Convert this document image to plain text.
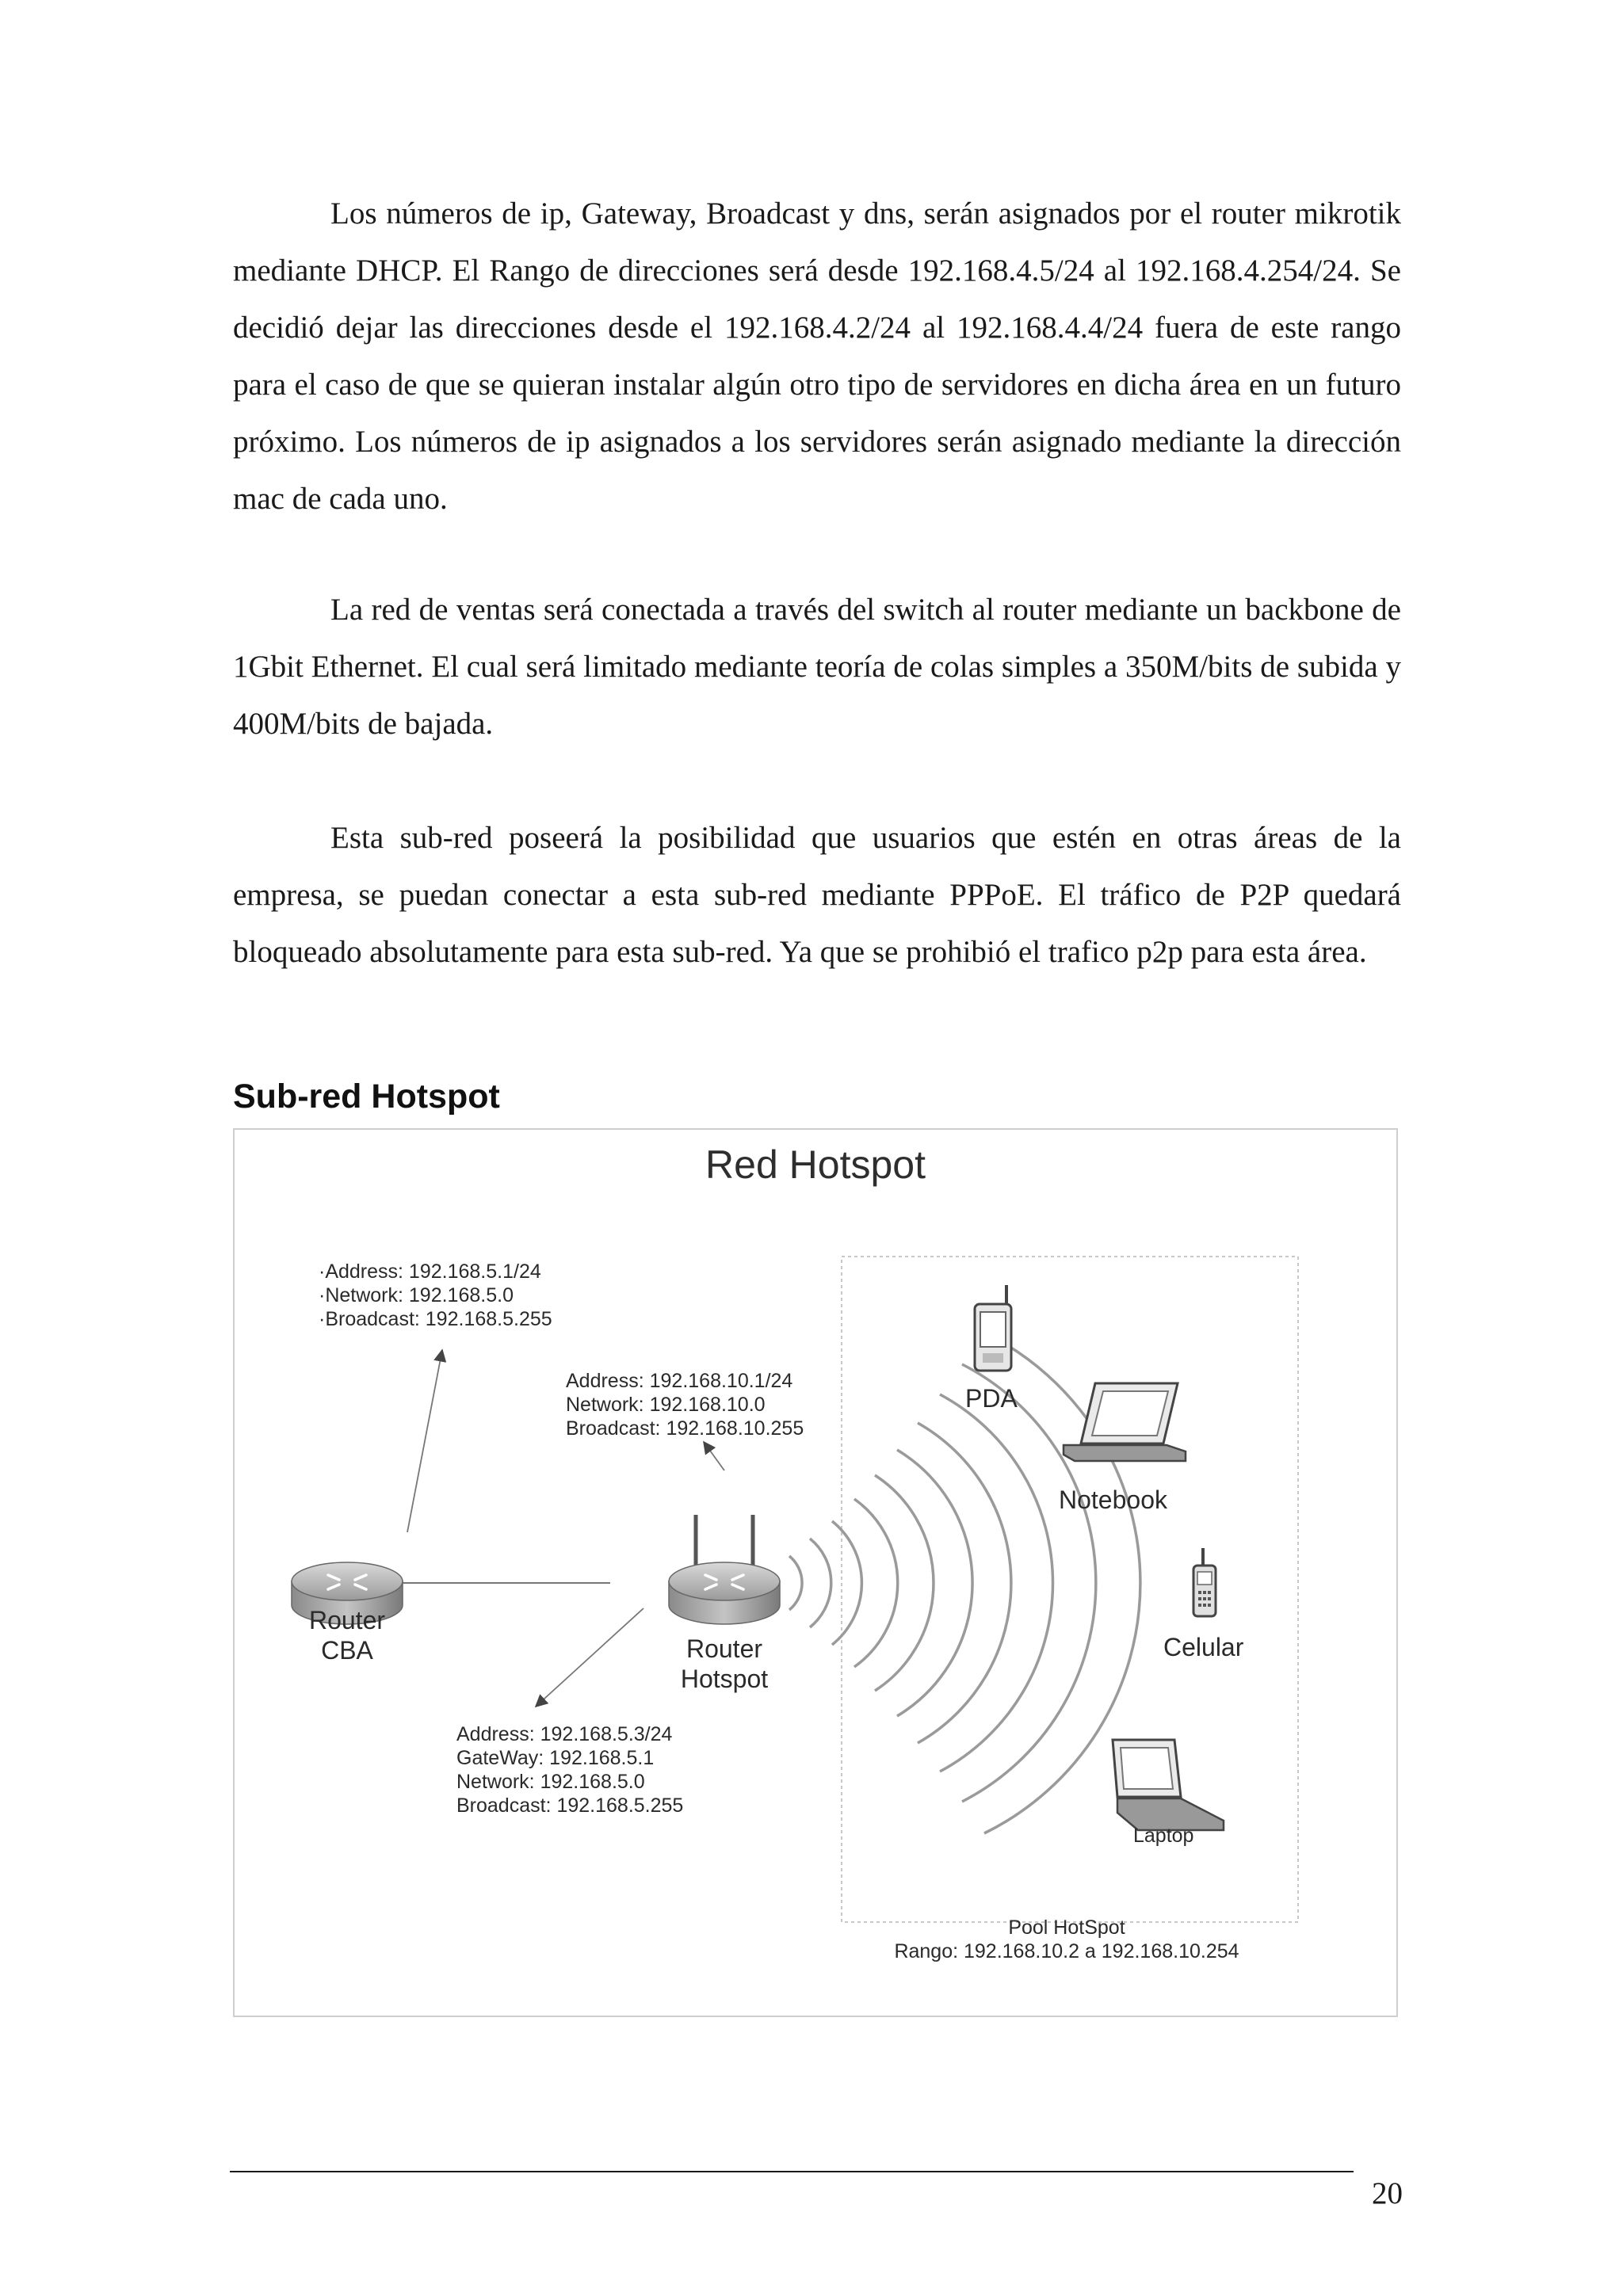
Los números de ip, Gateway, Broadcast y dns, serán asignados por el router mikrotik mediante DHCP. El Rango de direcciones será desde 192.168.4.5/24 al 192.168.4.254/24. Se decidió dejar las direcciones desde el 192.168.4.2/24 al 192.168.4.4/24 fuera de este rango para el caso de que se quieran instalar algún otro tipo de servidores en dicha área en un futuro próximo. Los números de ip asignados a los servidores serán asignado mediante la dirección mac de cada uno.

La red de ventas será conectada a través del switch al router mediante un backbone de 1Gbit Ethernet. El cual será limitado mediante teoría de colas simples a 350M/bits de subida y 400M/bits de bajada.

Esta sub-red poseerá la posibilidad que usuarios que estén en otras áreas de la empresa, se puedan conectar a esta sub-red mediante PPPoE. El tráfico de P2P quedará bloqueado absolutamente para esta sub-red. Ya que se prohibió el trafico p2p para esta área.

Sub-red Hotspot
Red Hotspot
·Address: 192.168.5.1/24
·Network: 192.168.5.0
·Broadcast: 192.168.5.255
Address: 192.168.10.1/24
Network: 192.168.10.0
Broadcast: 192.168.10.255
Address: 192.168.5.3/24
GateWay: 192.168.5.1
Network: 192.168.5.0
Broadcast: 192.168.5.255
Router
CBA	Router
Hotspot
PDA
Notebook
Celular
Laptop
Pool HotSpot
Rango: 192.168.10.2 a 192.168.10.254
20
